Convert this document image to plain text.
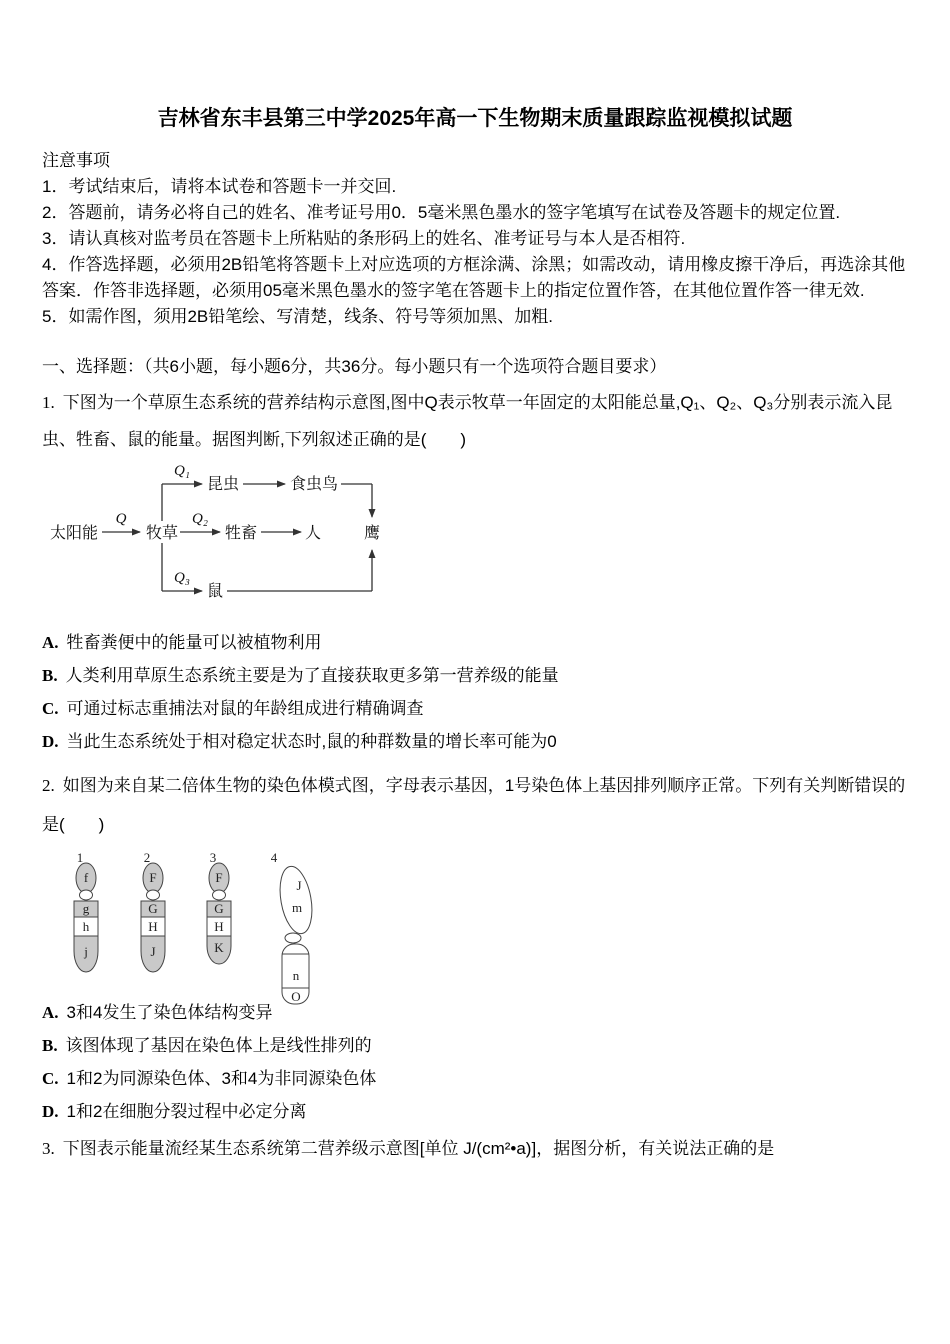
吉林省东丰县第三中学2025年高一下生物期末质量跟踪监视模拟试题

注意事项

1．考试结束后，请将本试卷和答题卡一并交回.

2．答题前，请务必将自己的姓名、准考证号用0．5毫米黑色墨水的签字笔填写在试卷及答题卡的规定位置.

3．请认真核对监考员在答题卡上所粘贴的条形码上的姓名、准考证号与本人是否相符.

4．作答选择题，必须用2B铅笔将答题卡上对应选项的方框涂满、涂黑；如需改动，请用橡皮擦干净后，再选涂其他答案．作答非选择题，必须用05毫米黑色墨水的签字笔在答题卡上的指定位置作答，在其他位置作答一律无效.

5．如需作图，须用2B铅笔绘、写清楚，线条、符号等须加黑、加粗.

一、选择题：（共6小题，每小题6分，共36分。每小题只有一个选项符合题目要求）

1. 下图为一个草原生态系统的营养结构示意图,图中Q表示牧草一年固定的太阳能总量,Q₁、Q₂、Q₃分别表示流入昆虫、牲畜、鼠的能量。据图判断,下列叙述正确的是(　　)

太阳能
Q
牧草
Q₁
昆虫	食虫鸟
鹰
Q₂
牲畜	人
Q₃
鼠

A. 牲畜粪便中的能量可以被植物利用

B. 人类利用草原生态系统主要是为了直接获取更多第一营养级的能量

C. 可通过标志重捕法对鼠的年龄组成进行精确调查

D. 当此生态系统处于相对稳定状态时,鼠的种群数量的增长率可能为0

2. 如图为来自某二倍体生物的染色体模式图，字母表示基因，1号染色体上基因排列顺序正常。下列有关判断错误的是(　　)

1
f
g
h
j
2
F
G
H
J
3
F
G
H
K
4
J
m
n
O

A. 3和4发生了染色体结构变异

B. 该图体现了基因在染色体上是线性排列的

C. 1和2为同源染色体、3和4为非同源染色体

D. 1和2在细胞分裂过程中必定分离

3. 下图表示能量流经某生态系统第二营养级示意图[单位 J/(cm²•a)]，据图分析，有关说法正确的是
